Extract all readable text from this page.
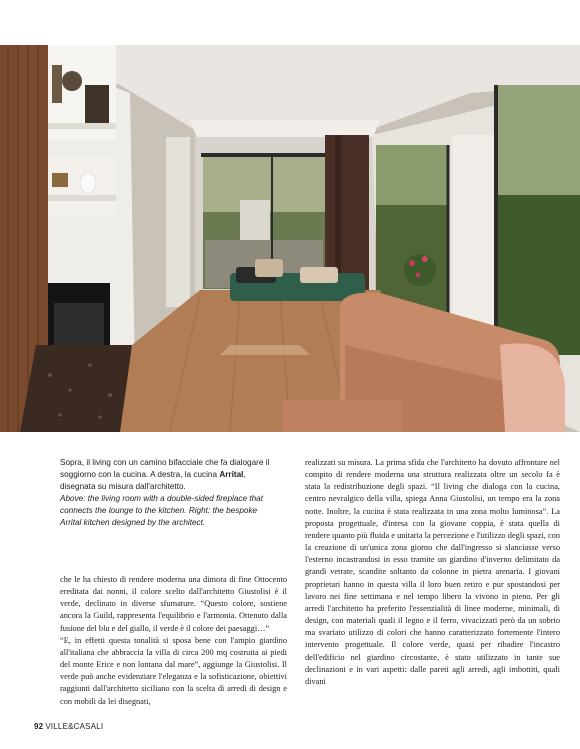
Sopra, il living con un camino bifacciale che fa dialogare il soggiorno con la cucina. A destra, la cucina Arrital, disegnata su misura dall'architetto.
Above: the living room with a double-sided fireplace that connects the lounge to the kitchen. Right: the bespoke Arrital kitchen designed by the architect.

che le ha chiesto di rendere moderna una dimora di fine Ottocento ereditata dai nonni, il colore scelto dall'architetto Giustolisi è il verde, declinato in diverse sfumature. “Questo colore, sostiene ancora la Guild, rappresenta l'equilibrio e l'armonia. Ottenuto dalla fusione del blu e del giallo, il verde è il colore dei paesaggi…”

“E, in effetti questa tonalità si sposa bene con l'ampio giardino all'italiana che abbraccia la villa di circa 200 mq costruita ai piedi del monte Erice e non lontana dal mare”, aggiunge la Giustolisi. Il verde può anche evidenziare l'eleganza e la sofisticazione, obiettivi raggiunti dall'architetto siciliano con la scelta di arredi di design e con mobili da lei disegnati,

realizzati su misura. La prima sfida che l'architetto ha dovuto affrontare nel compito di rendere moderna una struttura realizzata oltre un secolo fa è stata la redistribuzione degli spazi. “Il living che dialoga con la cucina, centro nevralgico della villa, spiega Anna Giustolisi, un tempo era la zona notte. Inoltre, la cucina è stata realizzata in una zona molto luminosa”. La proposta progettuale, d'intesa con la giovane coppia, è stata quella di rendere quanto più fluida e unitaria la percezione e l'utilizzo degli spazi, con la creazione di un'unica zona giorno che dall'ingresso si slanciasse verso l'esterno incastrandosi in esso tramite un giardino d'inverno delimitato da grandi vetrate, scandite soltanto da colonne in pietra arenaria. I giovani proprietari hanno in questa villa il loro buen retiro e pur spostandosi per lavoro nei fine settimana e nel tempo libero la vivono in pieno. Per gli arredi l'architetto ha preferito l'essenzialità di linee moderne, minimali, di design, con materiali quali il legno e il ferro, vivacizzati però da un sobrio ma svariato utilizzo di colori che hanno caratterizzato fortemente l'intero intervento progettuale. Il colore verde, quasi per ribadire l'incastro dell'edificio nel giardino circostante, è stato utilizzato in tante sue declinazioni e in vari aspetti: dalle pareti agli arredi, agli imbottiti, quali divani

92 VILLE&CASALI
